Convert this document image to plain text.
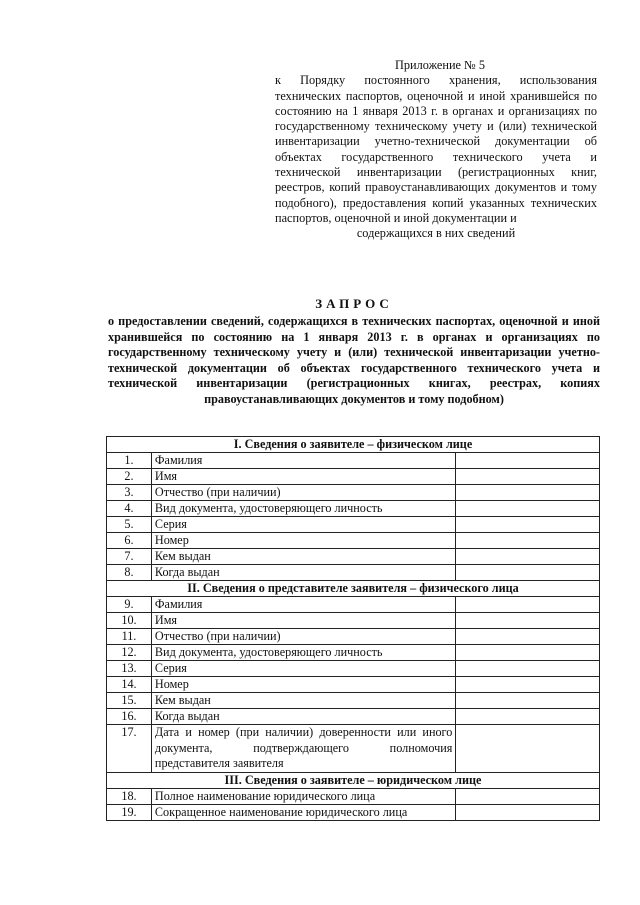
Приложение № 5
к Порядку постоянного хранения, использования технических паспортов, оценочной и иной хранившейся по состоянию на 1 января 2013 г. в органах и организациях по государственному техническому учету и (или) технической инвентаризации учетно-технической документации об объектах государственного технического учета и технической инвентаризации (регистрационных книг, реестров, копий правоустанавливающих документов и тому подобного), предоставления копий указанных технических паспортов, оценочной и иной документации и
содержащихся в них сведений
ЗАПРОС
о предоставлении сведений, содержащихся в технических паспортах, оценочной и иной хранившейся по состоянию на 1 января 2013 г. в органах и организациях по государственному техническому учету и (или) технической инвентаризации учетно-технической документации об объектах государственного технического учета и технической инвентаризации (регистрационных книгах, реестрах, копиях правоустанавливающих документов и тому подобном)
I. Сведения о заявителе – физическом лице		
1.	Фамилия	
2.	Имя	
3.	Отчество (при наличии)	
4.	Вид документа, удостоверяющего личность	
5.	Серия	
6.	Номер	
7.	Кем выдан	
8.	Когда выдан	
II. Сведения о представителе заявителя – физического лица		
9.	Фамилия	
10.	Имя	
11.	Отчество (при наличии)	
12.	Вид документа, удостоверяющего личность	
13.	Серия	
14.	Номер	
15.	Кем выдан	
16.	Когда выдан	
17.	Дата и номер (при наличии) доверенности или иного документа, подтверждающего полномочия представителя заявителя	
III. Сведения о заявителе – юридическом лице		
18.	Полное наименование юридического лица	
19.	Сокращенное наименование юридического лица	
